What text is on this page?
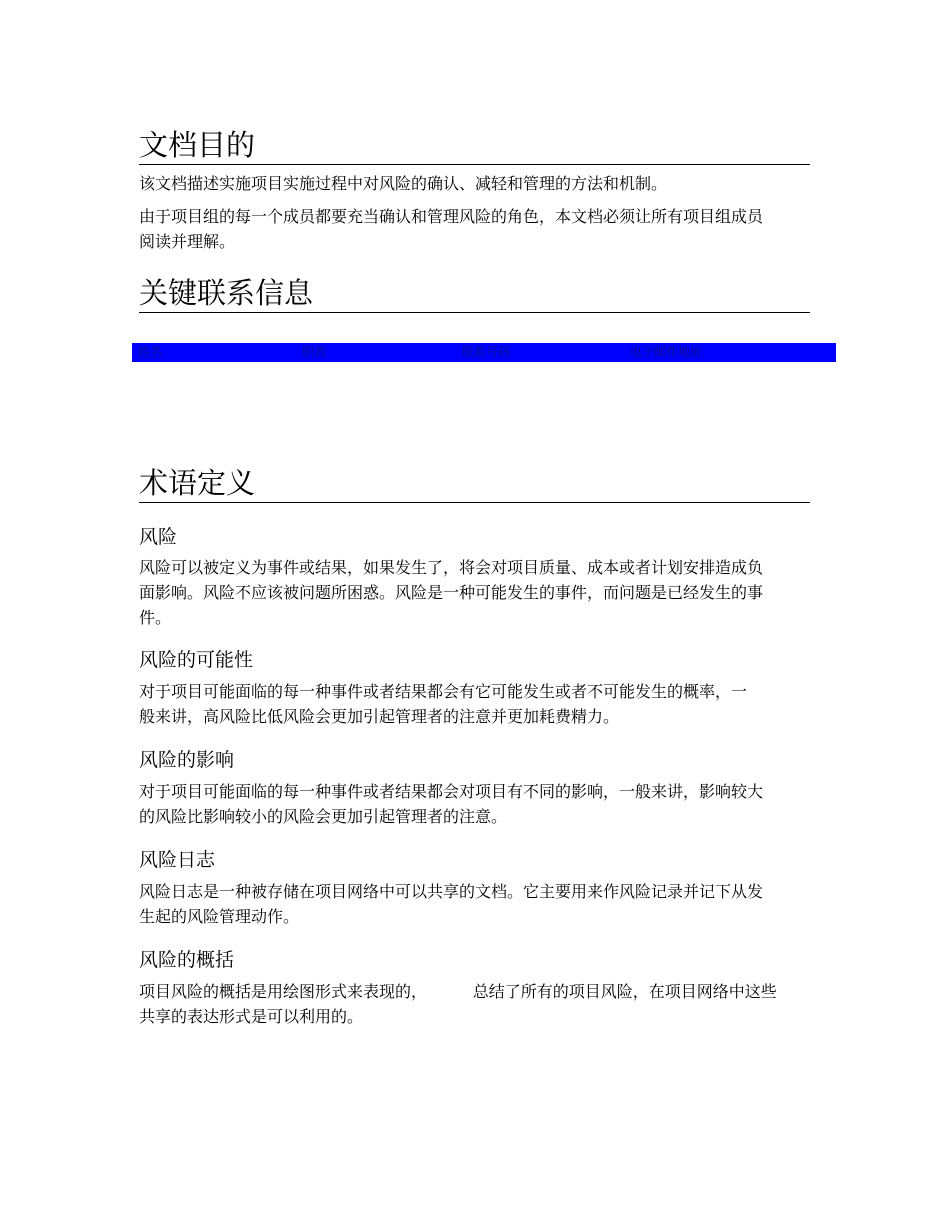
文档目的

该文档描述实施项目实施过程中对风险的确认、减轻和管理的方法和机制。

由于项目组的每一个成员都要充当确认和管理风险的角色，本文档必须让所有项目组成员阅读并理解。

关键联系信息
姓名	职责	联系号码	电子邮件地址
术语定义
风险

风险可以被定义为事件或结果，如果发生了，将会对项目质量、成本或者计划安排造成负面影响。风险不应该被问题所困惑。风险是一种可能发生的事件，而问题是已经发生的事件。

风险的可能性

对于项目可能面临的每一种事件或者结果都会有它可能发生或者不可能发生的概率，一般来讲，高风险比低风险会更加引起管理者的注意并更加耗费精力。

风险的影响

对于项目可能面临的每一种事件或者结果都会对项目有不同的影响，一般来讲，影响较大的风险比影响较小的风险会更加引起管理者的注意。

风险日志

风险日志是一种被存储在项目网络中可以共享的文档。它主要用来作风险记录并记下从发生起的风险管理动作。

风险的概括

项目风险的概括是用绘图形式来表现的，         总结了所有的项目风险，在项目网络中这些共享的表达形式是可以利用的。
